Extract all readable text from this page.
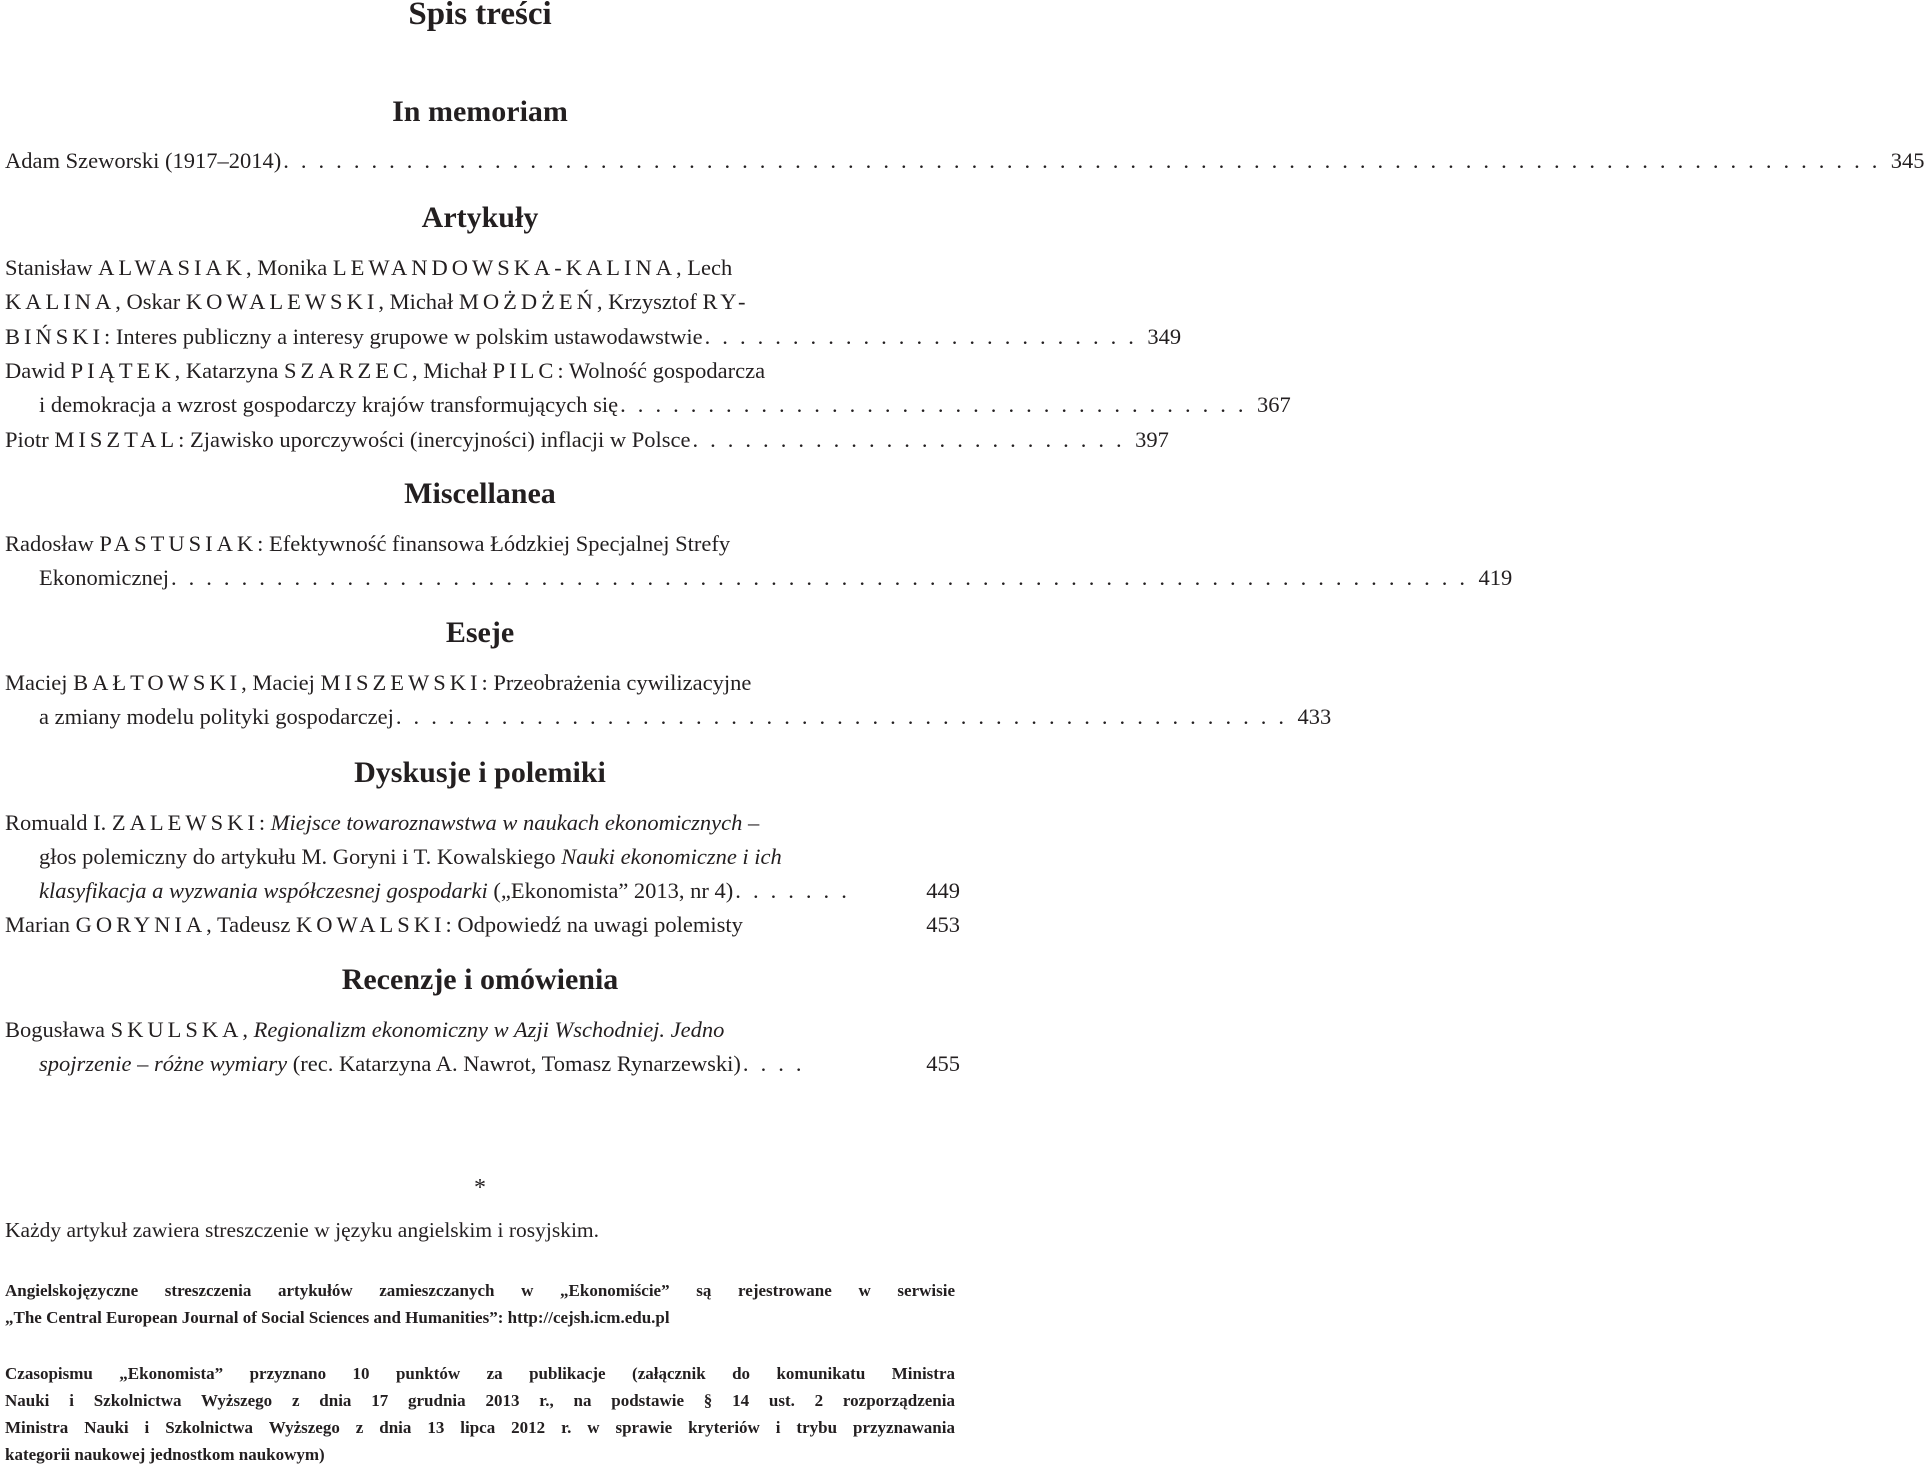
Spis treści
In memoriam
Adam Szeworski (1917–2014) . . . . . . . . . . . . . . . . . . . . . . . . . . . . . . . . . . . . . . . . . . . . . . . . . . . . . . . . . . . . . . . . . . . . . . . . . . . . . . . . . . . . . . . . . . . 345
Artykuły
Stanisław ALWASIAK, Monika LEWANDOWSKA-KALINA, Lech
KALINA, Oskar KOWALEWSKI, Michał MOŻDŻEŃ, Krzysztof RY-
BIŃSKI: Interes publiczny a interesy grupowe w polskim ustawodawstwie . . . . . . . . . . . . . . . . . . . . . . . . . 349
Dawid PIĄTEK, Katarzyna SZARZEC, Michał PILC: Wolność gospodarcza
i demokracja a wzrost gospodarczy krajów transformujących się . . . . . . . . . . . . . . . . . . . . . . . . . . . . . . . . . . . . 367
Piotr MISZTAL: Zjawisko uporczywości (inercyjności) inflacji w Polsce . . . . . . . . . . . . . . . . . . . . . . . . . 397
Miscellanea
Radosław PASTUSIAK: Efektywność finansowa Łódzkiej Specjalnej Strefy
Ekonomicznej . . . . . . . . . . . . . . . . . . . . . . . . . . . . . . . . . . . . . . . . . . . . . . . . . . . . . . . . . . . . . . . . . . . . . . . . . . 419
Eseje
Maciej BAŁTOWSKI, Maciej MISZEWSKI: Przeobrażenia cywilizacyjne
a zmiany modelu polityki gospodarczej . . . . . . . . . . . . . . . . . . . . . . . . . . . . . . . . . . . . . . . . . . . . . . . . . . . 433
Dyskusje i polemiki
Romuald I. ZALEWSKI: Miejsce towaroznawstwa w naukach ekonomicznych –
głos polemiczny do artykułu M. Goryni i T. Kowalskiego Nauki ekonomiczne i ich
klasyfikacja a wyzwania współczesnej gospodarki („Ekonomista” 2013, nr 4) . . . . . . .	449
Marian GORYNIA, Tadeusz KOWALSKI: Odpowiedź na uwagi polemisty	453
Recenzje i omówienia
Bogusława SKULSKA, Regionalizm ekonomiczny w Azji Wschodniej. Jedno
spojrzenie – różne wymiary (rec. Katarzyna A. Nawrot, Tomasz Rynarzewski) . . . .	455
*
Każdy artykuł zawiera streszczenie w języku angielskim i rosyjskim.
Angielskojęzyczne streszczenia artykułów zamieszczanych w „Ekonomiście” są rejestrowane w serwisie
„The Central European Journal of Social Sciences and Humanities”: http://cejsh.icm.edu.pl
Czasopismu „Ekonomista” przyznano 10 punktów za publikacje (załącznik do komunikatu Ministra
Nauki i Szkolnictwa Wyższego z dnia 17 grudnia 2013 r., na podstawie § 14 ust. 2 rozporządzenia
Ministra Nauki i Szkolnictwa Wyższego z dnia 13 lipca 2012 r. w sprawie kryteriów i trybu przyznawania
kategorii naukowej jednostkom naukowym)
